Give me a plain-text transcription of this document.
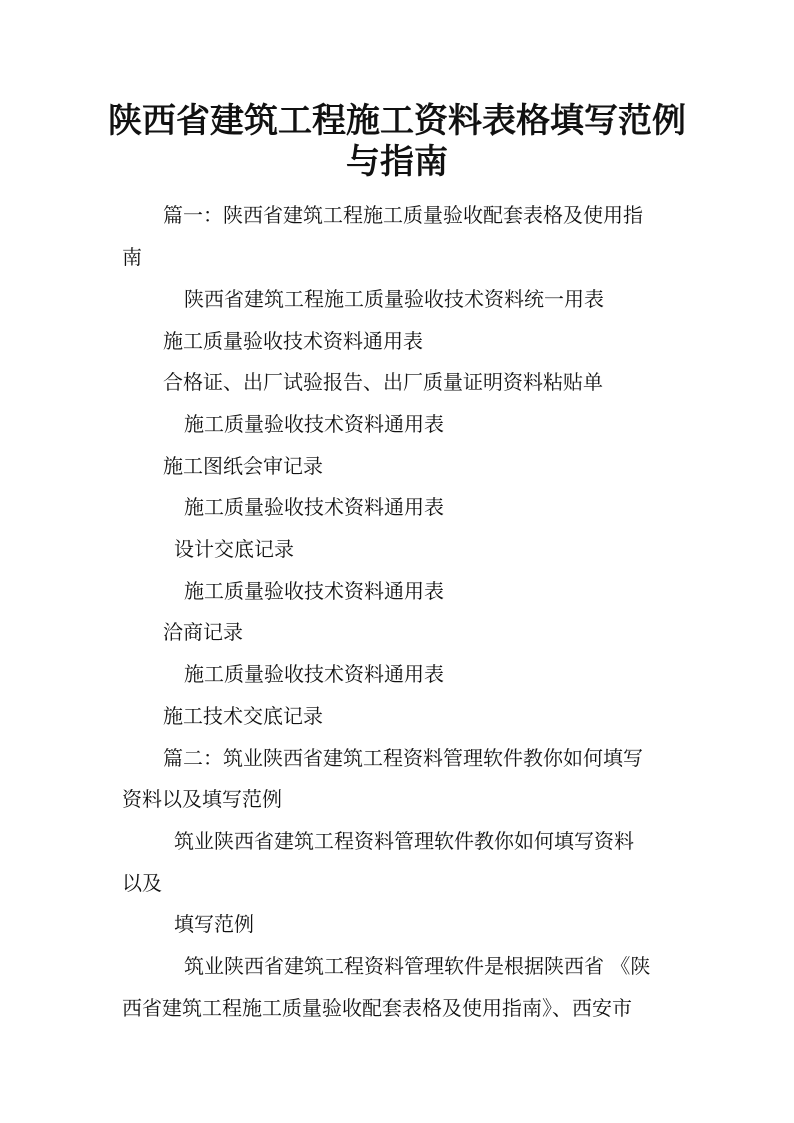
陕西省建筑工程施工资料表格填写范例
与指南
篇一：陕西省建筑工程施工质量验收配套表格及使用指
南
陕西省建筑工程施工质量验收技术资料统一用表
施工质量验收技术资料通用表
合格证、出厂试验报告、出厂质量证明资料粘贴单
施工质量验收技术资料通用表
施工图纸会审记录
施工质量验收技术资料通用表
设计交底记录
施工质量验收技术资料通用表
洽商记录
施工质量验收技术资料通用表
施工技术交底记录
篇二：筑业陕西省建筑工程资料管理软件教你如何填写
资料以及填写范例
筑业陕西省建筑工程资料管理软件教你如何填写资料
以及
填写范例
筑业陕西省建筑工程资料管理软件是根据陕西省 《陕
西省建筑工程施工质量验收配套表格及使用指南》、西安市
